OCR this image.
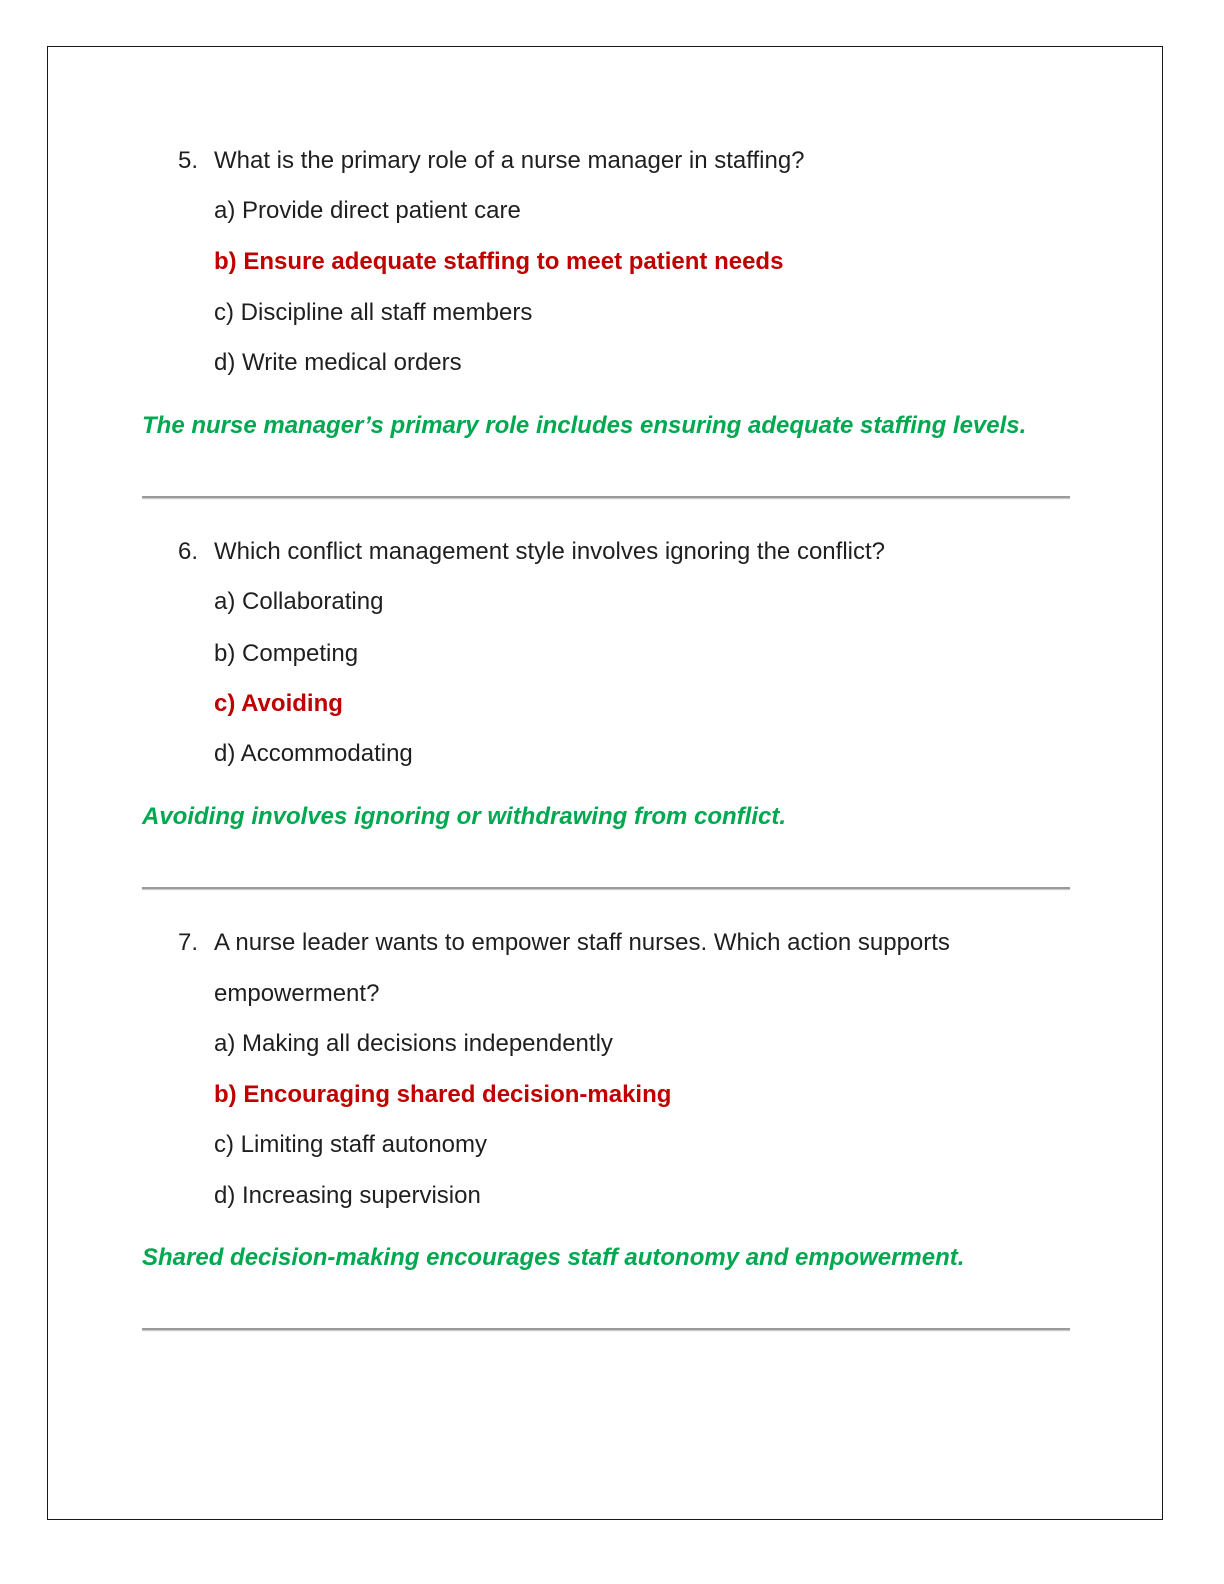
5. What is the primary role of a nurse manager in staffing?
a) Provide direct patient care
b) Ensure adequate staffing to meet patient needs
c) Discipline all staff members
d) Write medical orders
The nurse manager’s primary role includes ensuring adequate staffing levels.
6. Which conflict management style involves ignoring the conflict?
a) Collaborating
b) Competing
c) Avoiding
d) Accommodating
Avoiding involves ignoring or withdrawing from conflict.
7. A nurse leader wants to empower staff nurses. Which action supports
empowerment?
a) Making all decisions independently
b) Encouraging shared decision-making
c) Limiting staff autonomy
d) Increasing supervision
Shared decision-making encourages staff autonomy and empowerment.
